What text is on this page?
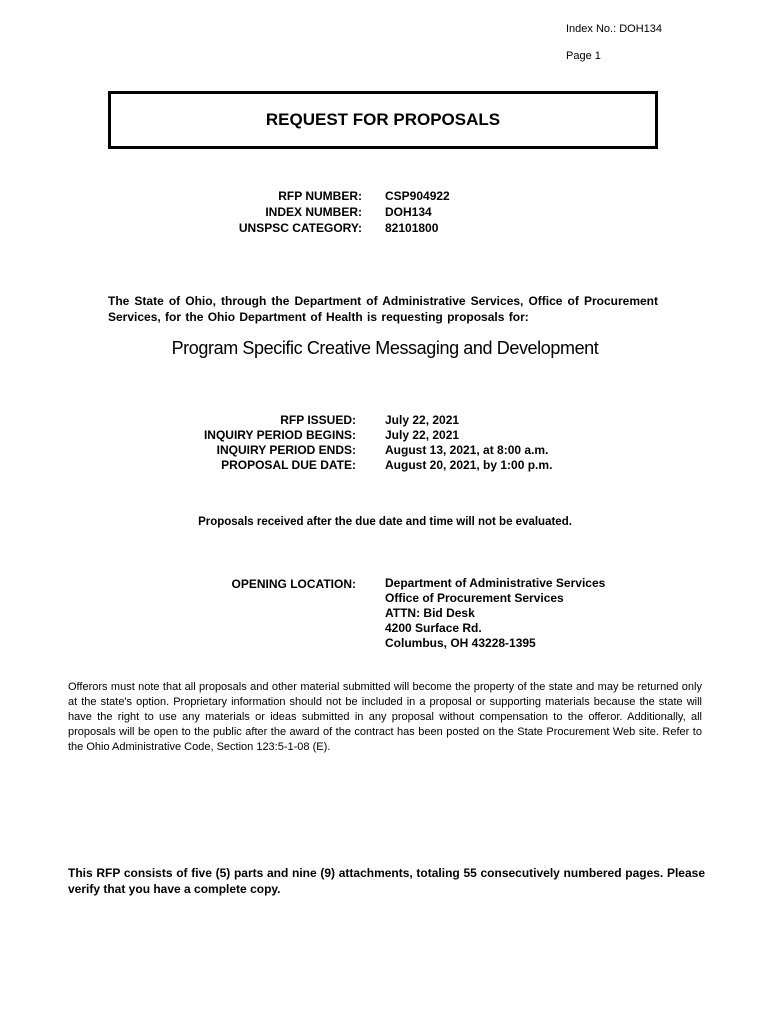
Index No.: DOH134
Page 1
REQUEST FOR PROPOSALS
RFP NUMBER:
INDEX NUMBER:
UNSPSC CATEGORY:
CSP904922
DOH134
82101800
The State of Ohio, through the Department of Administrative Services, Office of Procurement Services, for the Ohio Department of Health is requesting proposals for:
Program Specific Creative Messaging and Development
RFP ISSUED:
INQUIRY PERIOD BEGINS:
INQUIRY PERIOD ENDS:
PROPOSAL DUE DATE:
July 22, 2021
July 22, 2021
August 13, 2021, at 8:00 a.m.
August 20, 2021, by 1:00 p.m.
Proposals received after the due date and time will not be evaluated.
OPENING LOCATION: Department of Administrative Services
Office of Procurement Services
ATTN: Bid Desk
4200 Surface Rd.
Columbus, OH 43228-1395
Offerors must note that all proposals and other material submitted will become the property of the state and may be returned only at the state's option. Proprietary information should not be included in a proposal or supporting materials because the state will have the right to use any materials or ideas submitted in any proposal without compensation to the offeror. Additionally, all proposals will be open to the public after the award of the contract has been posted on the State Procurement Web site. Refer to the Ohio Administrative Code, Section 123:5-1-08 (E).
This RFP consists of five (5) parts and nine (9) attachments, totaling 55 consecutively numbered pages. Please verify that you have a complete copy.
